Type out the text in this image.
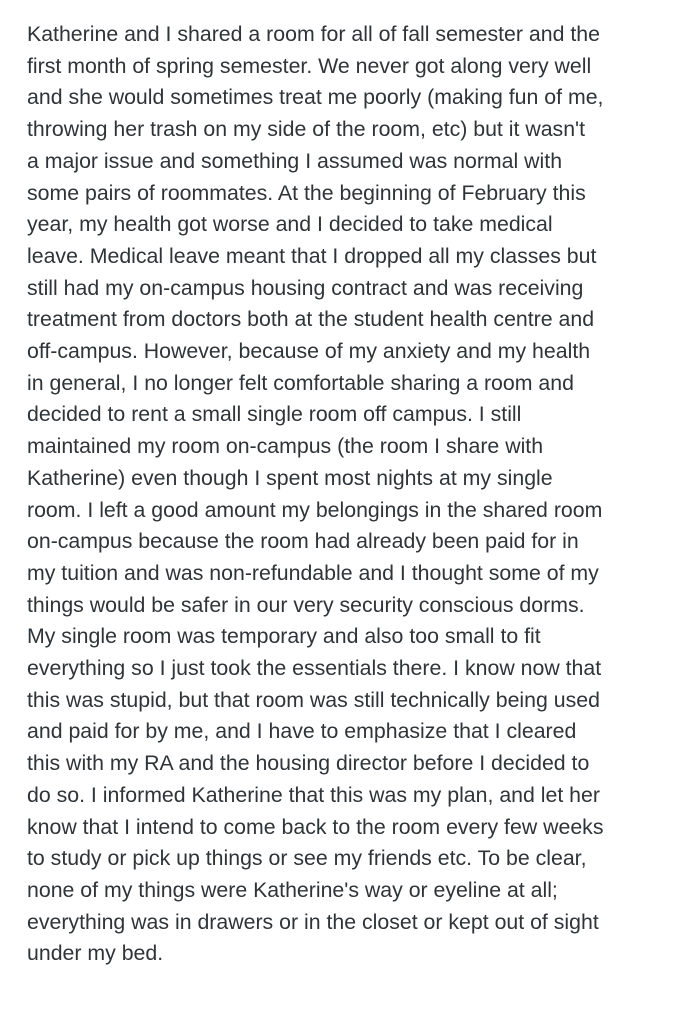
Katherine and I shared a room for all of fall semester and the
first month of spring semester. We never got along very well
and she would sometimes treat me poorly (making fun of me,
throwing her trash on my side of the room, etc) but it wasn't
a major issue and something I assumed was normal with
some pairs of roommates. At the beginning of February this
year, my health got worse and I decided to take medical
leave. Medical leave meant that I dropped all my classes but
still had my on-campus housing contract and was receiving
treatment from doctors both at the student health centre and
off-campus. However, because of my anxiety and my health
in general, I no longer felt comfortable sharing a room and
decided to rent a small single room off campus. I still
maintained my room on-campus (the room I share with
Katherine) even though I spent most nights at my single
room. I left a good amount my belongings in the shared room
on-campus because the room had already been paid for in
my tuition and was non-refundable and I thought some of my
things would be safer in our very security conscious dorms.
My single room was temporary and also too small to fit
everything so I just took the essentials there. I know now that
this was stupid, but that room was still technically being used
and paid for by me, and I have to emphasize that I cleared
this with my RA and the housing director before I decided to
do so. I informed Katherine that this was my plan, and let her
know that I intend to come back to the room every few weeks
to study or pick up things or see my friends etc. To be clear,
none of my things were Katherine's way or eyeline at all;
everything was in drawers or in the closet or kept out of sight
under my bed.
